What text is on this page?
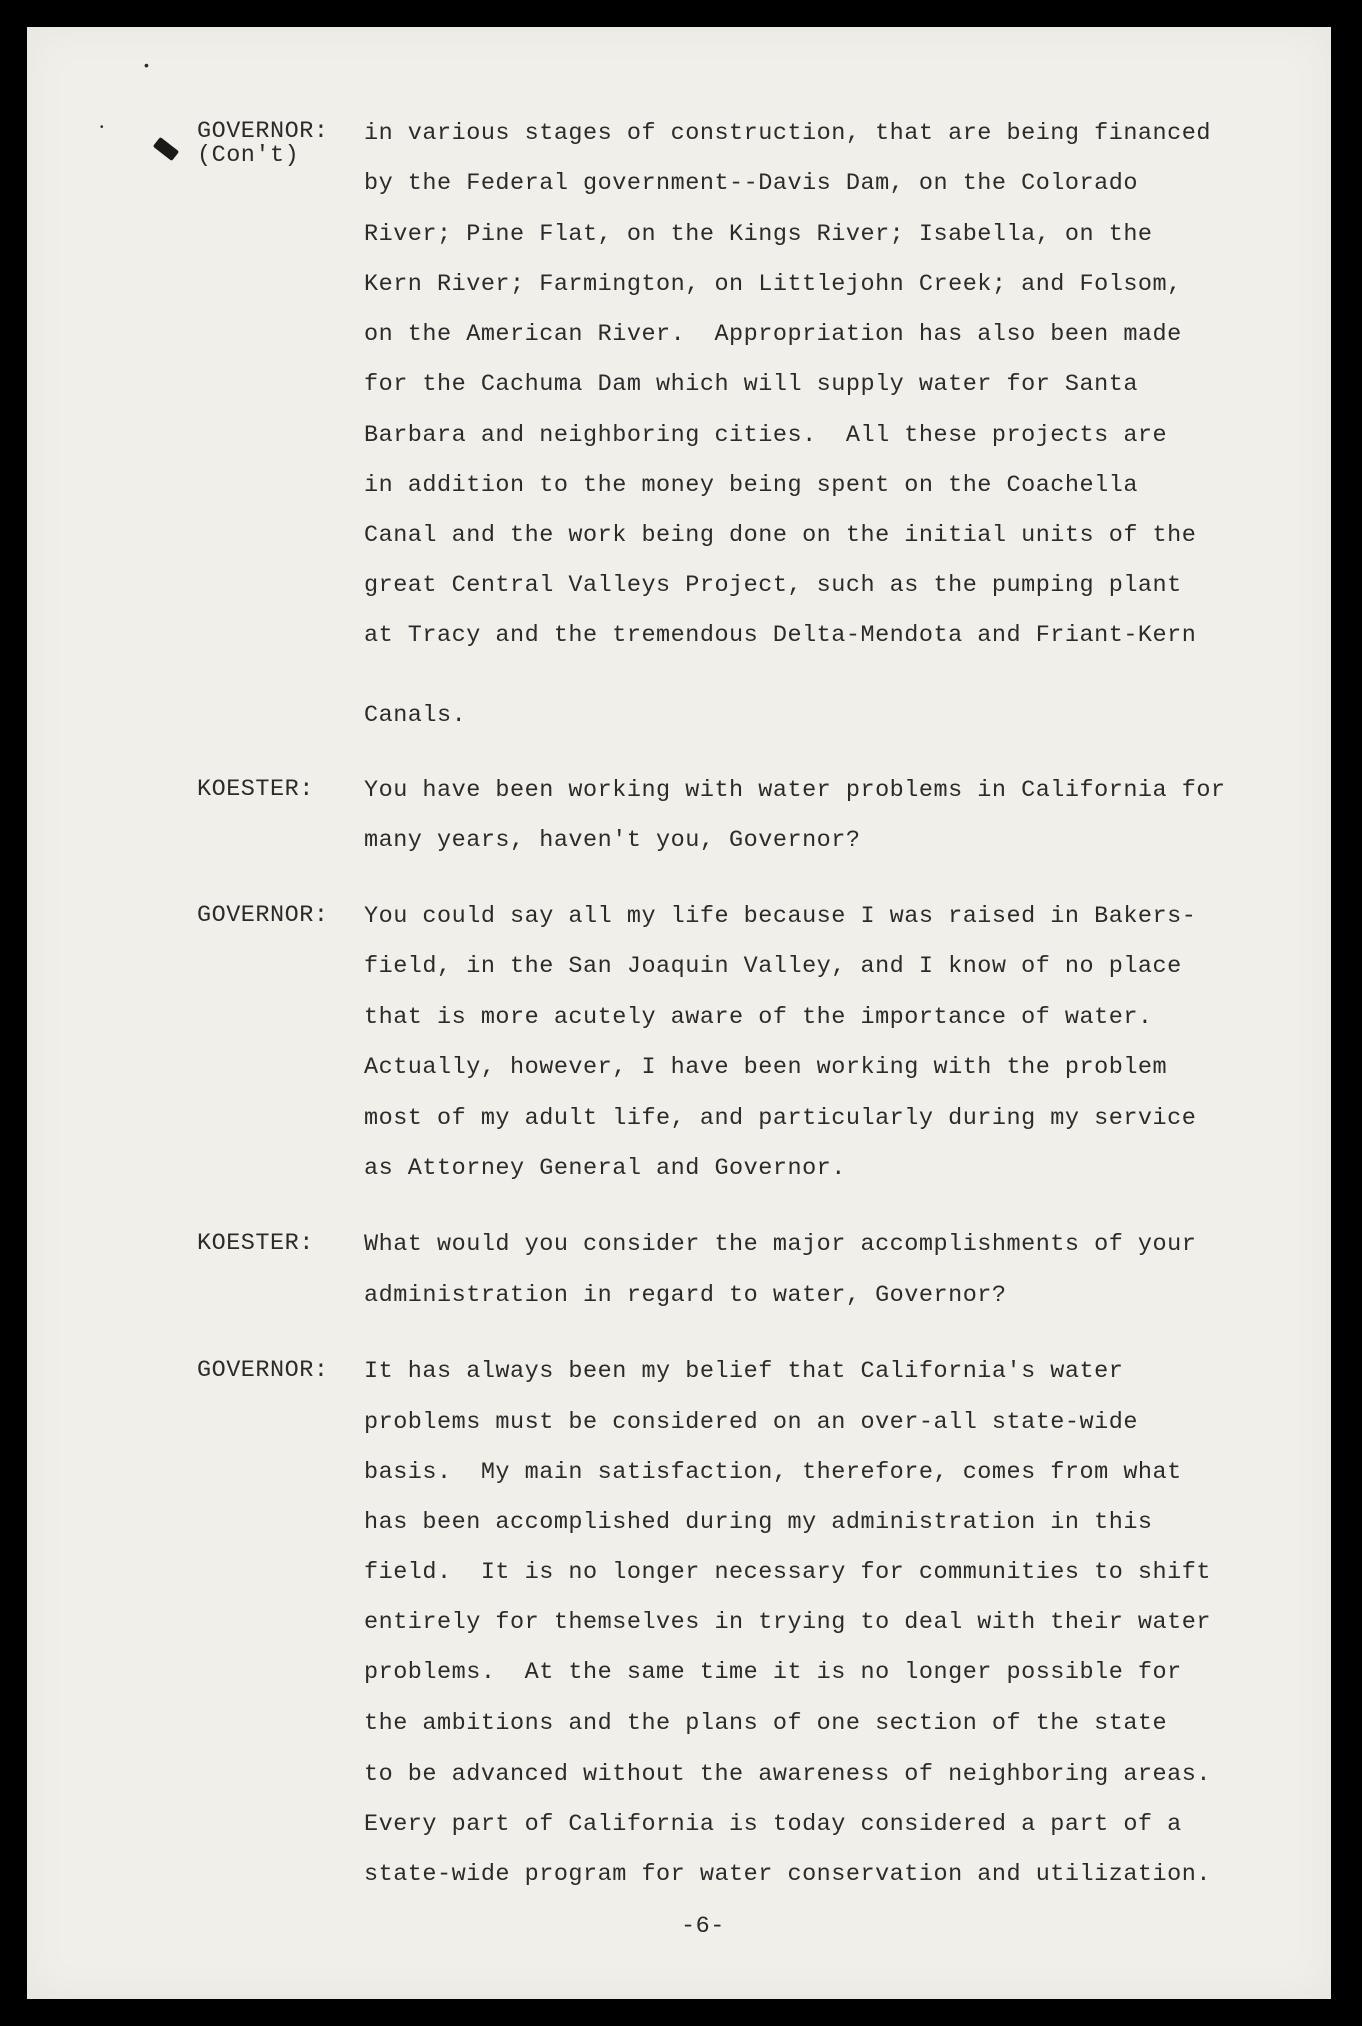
•
•	GOVERNOR:
(Con't)
in various stages of construction, that are being financed
by the Federal government--Davis Dam, on the Colorado
River; Pine Flat, on the Kings River; Isabella, on the
Kern River; Farmington, on Littlejohn Creek; and Folsom,
on the American River.  Appropriation has also been made
for the Cachuma Dam which will supply water for Santa
Barbara and neighboring cities.  All these projects are
in addition to the money being spent on the Coachella
Canal and the work being done on the initial units of the
great Central Valleys Project, such as the pumping plant
at Tracy and the tremendous Delta-Mendota and Friant-Kern
Canals.
KOESTER: You have been working with water problems in California for
many years, haven't you, Governor?
GOVERNOR: You could say all my life because I was raised in Bakers-
field, in the San Joaquin Valley, and I know of no place
that is more acutely aware of the importance of water.
Actually, however, I have been working with the problem
most of my adult life, and particularly during my service
as Attorney General and Governor.
KOESTER: What would you consider the major accomplishments of your
administration in regard to water, Governor?
GOVERNOR: It has always been my belief that California's water
problems must be considered on an over-all state-wide
basis.  My main satisfaction, therefore, comes from what
has been accomplished during my administration in this
field.  It is no longer necessary for communities to shift
entirely for themselves in trying to deal with their water
problems.  At the same time it is no longer possible for
the ambitions and the plans of one section of the state
to be advanced without the awareness of neighboring areas.
Every part of California is today considered a part of a
state-wide program for water conservation and utilization.
-6-
